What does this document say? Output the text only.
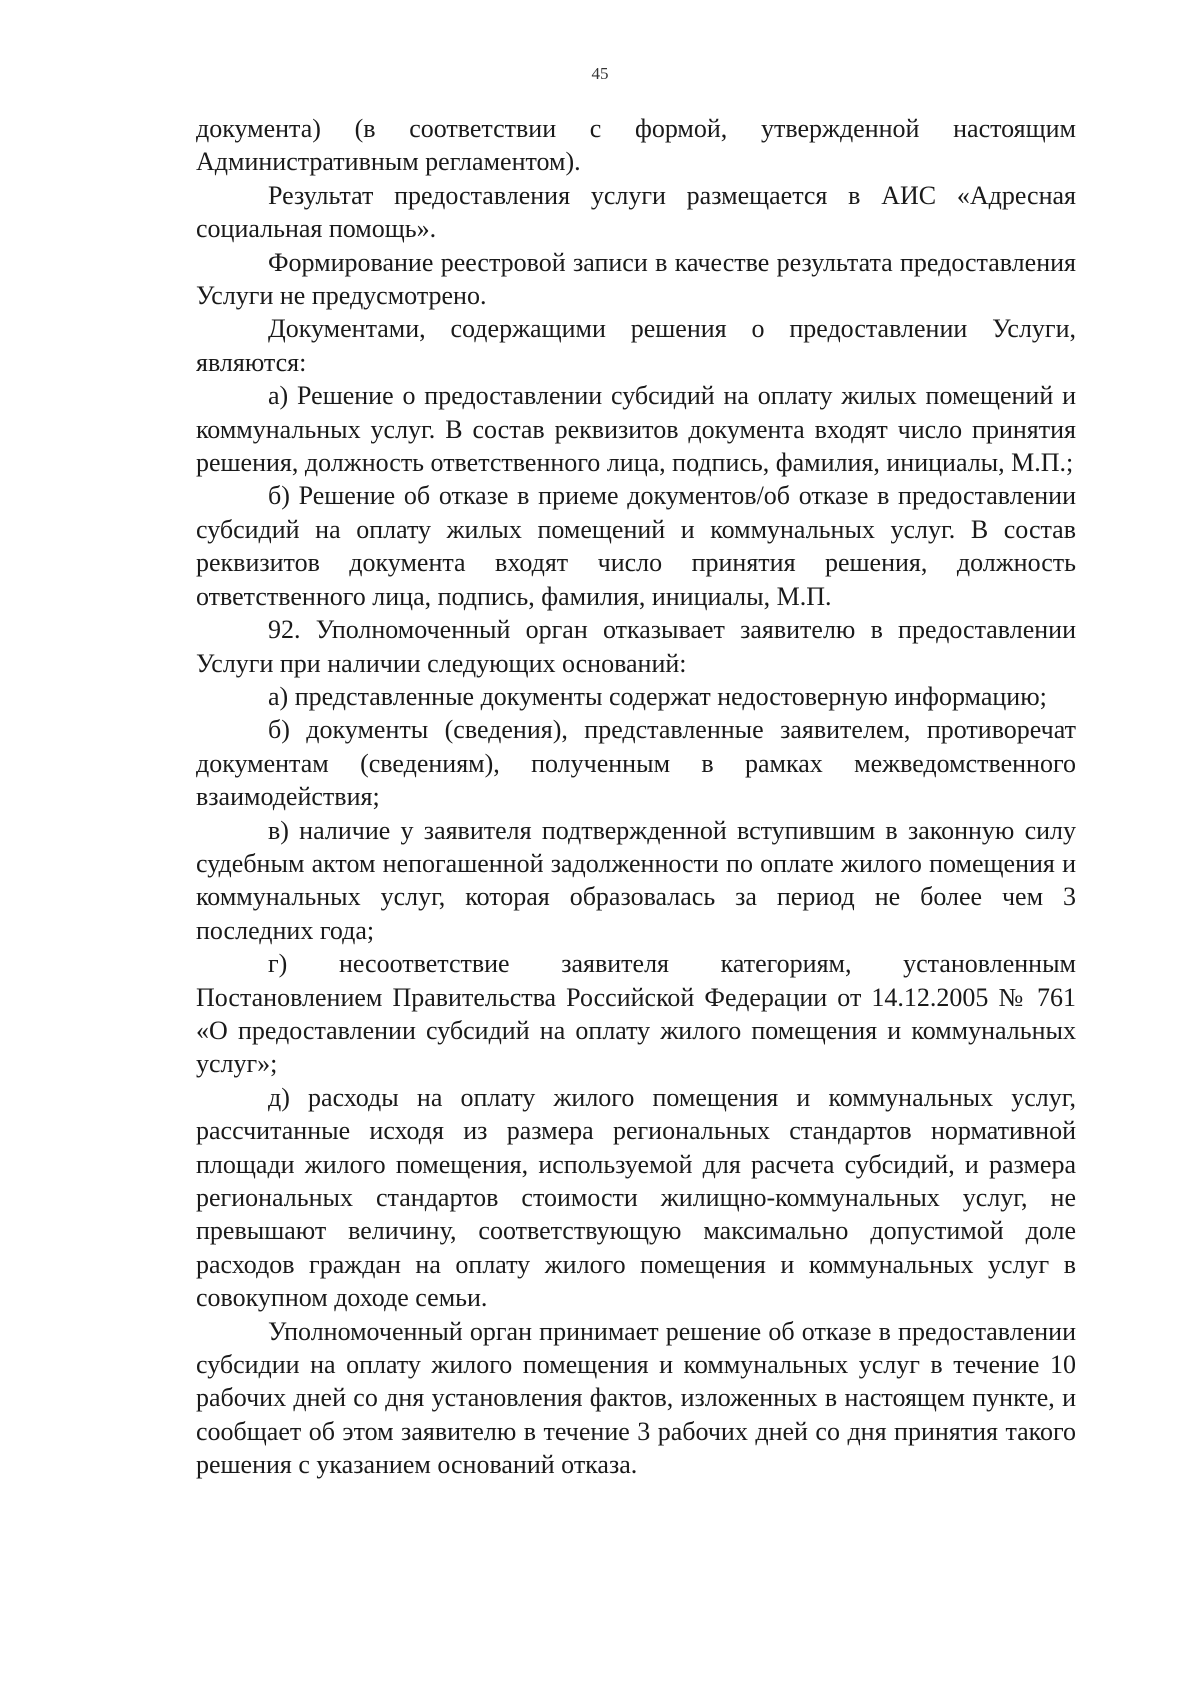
45

документа) (в соответствии с формой, утвержденной настоящим Административным регламентом).

Результат предоставления услуги размещается в АИС «Адресная социальная помощь».

Формирование реестровой записи в качестве результата предоставления Услуги не предусмотрено.

Документами, содержащими решения о предоставлении Услуги, являются:

а) Решение о предоставлении субсидий на оплату жилых помещений и коммунальных услуг. В состав реквизитов документа входят число принятия решения, должность ответственного лица, подпись, фамилия, инициалы, М.П.;

б) Решение об отказе в приеме документов/об отказе в предоставлении субсидий на оплату жилых помещений и коммунальных услуг. В состав реквизитов документа входят число принятия решения, должность ответственного лица, подпись, фамилия, инициалы, М.П.

92. Уполномоченный орган отказывает заявителю в предоставлении Услуги при наличии следующих оснований:

а) представленные документы содержат недостоверную информацию;

б) документы (сведения), представленные заявителем, противоречат документам (сведениям), полученным в рамках межведомственного взаимодействия;

в) наличие у заявителя подтвержденной вступившим в законную силу судебным актом непогашенной задолженности по оплате жилого помещения и коммунальных услуг, которая образовалась за период не более чем 3 последних года;

г) несоответствие заявителя категориям, установленным Постановлением Правительства Российской Федерации от 14.12.2005 № 761 «О предоставлении субсидий на оплату жилого помещения и коммунальных услуг»;

д) расходы на оплату жилого помещения и коммунальных услуг, рассчитанные исходя из размера региональных стандартов нормативной площади жилого помещения, используемой для расчета субсидий, и размера региональных стандартов стоимости жилищно-коммунальных услуг, не превышают величину, соответствующую максимально допустимой доле расходов граждан на оплату жилого помещения и коммунальных услуг в совокупном доходе семьи.

Уполномоченный орган принимает решение об отказе в предоставлении субсидии на оплату жилого помещения и коммунальных услуг в течение 10 рабочих дней со дня установления фактов, изложенных в настоящем пункте, и сообщает об этом заявителю в течение 3 рабочих дней со дня принятия такого решения с указанием оснований отказа.
